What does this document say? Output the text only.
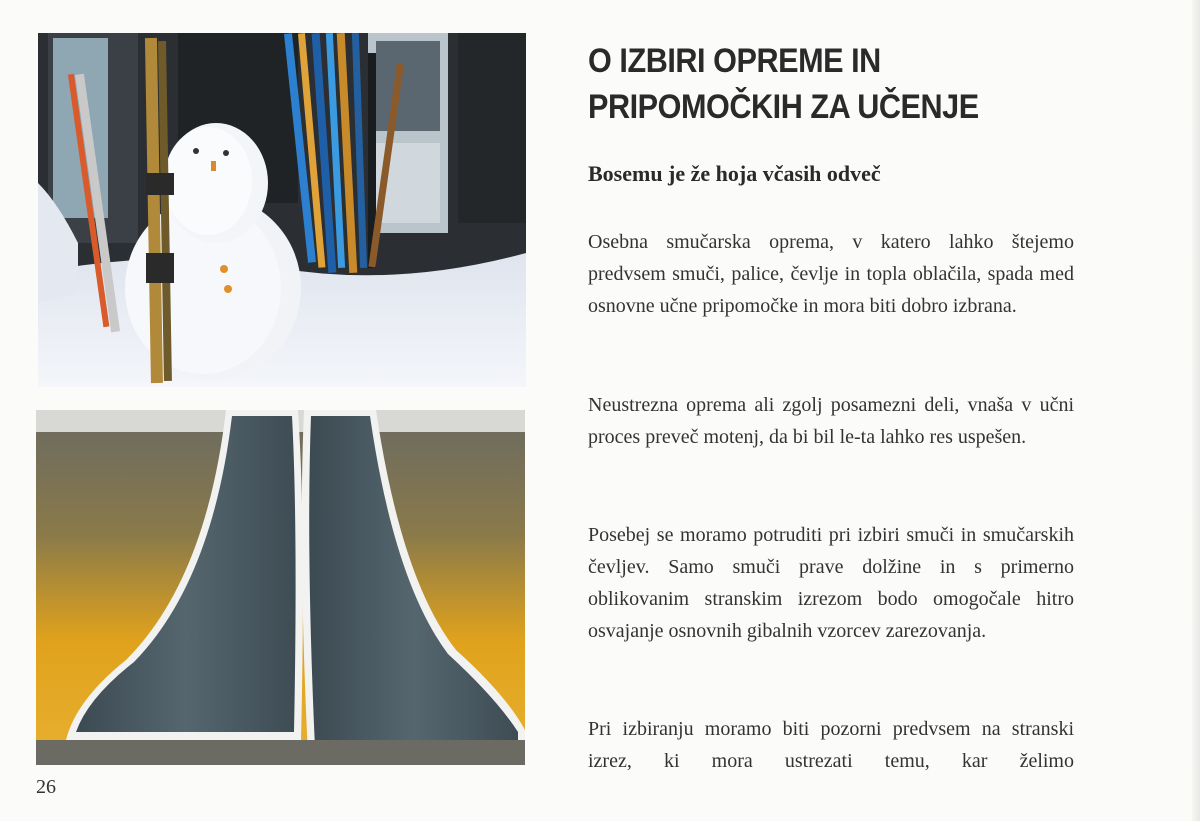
O IZBIRI OPREME IN PRIPOMOČKIH ZA UČENJE
Bosemu je že hoja včasih odveč

Osebna smučarska oprema, v katero lahko štejemo predvsem smuči, palice, čevlje in topla oblačila, spada med osnovne učne pripomočke in mora biti dobro izbrana.

Neustrezna oprema ali zgolj posamezni deli, vnaša v učni proces preveč motenj, da bi bil le-ta lahko res uspešen.

Posebej se moramo potruditi pri izbiri smuči in smučarskih čevljev. Samo smuči prave dolžine in s primerno oblikovanim stranskim izrezom bodo omogočale hitro osvajanje osnovnih gibalnih vzorcev zarezovanja.

Pri izbiranju moramo biti pozorni predvsem na stranski izrez, ki mora ustrezati temu, kar želimo

26
